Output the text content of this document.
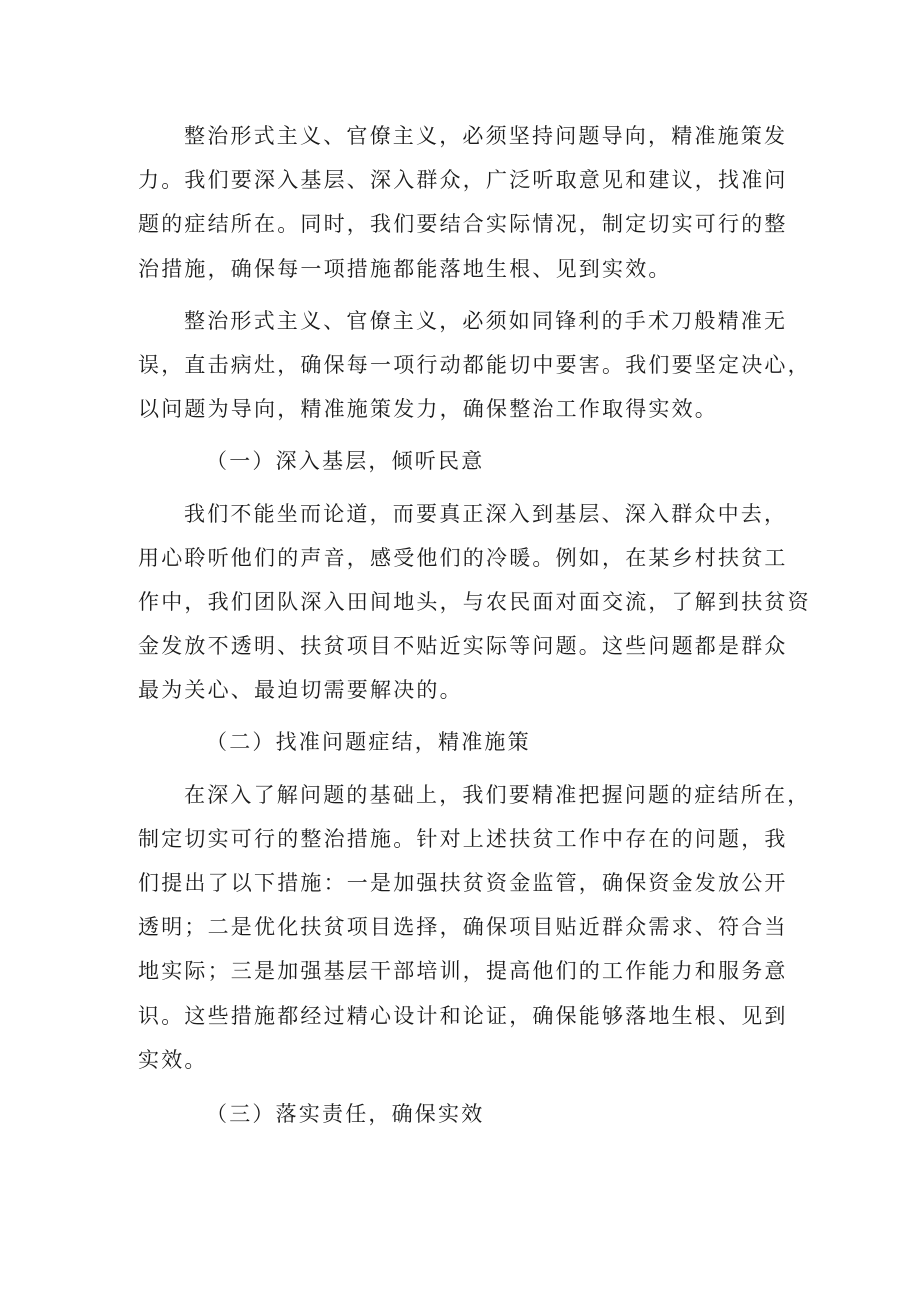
整治形式主义、官僚主义，必须坚持问题导向，精准施策发
力。我们要深入基层、深入群众，广泛听取意见和建议，找准问
题的症结所在。同时，我们要结合实际情况，制定切实可行的整
治措施，确保每一项措施都能落地生根、见到实效。
整治形式主义、官僚主义，必须如同锋利的手术刀般精准无
误，直击病灶，确保每一项行动都能切中要害。我们要坚定决心，
以问题为导向，精准施策发力，确保整治工作取得实效。
（一）深入基层，倾听民意
我们不能坐而论道，而要真正深入到基层、深入群众中去，
用心聆听他们的声音，感受他们的冷暖。例如，在某乡村扶贫工
作中，我们团队深入田间地头，与农民面对面交流，了解到扶贫资
金发放不透明、扶贫项目不贴近实际等问题。这些问题都是群众
最为关心、最迫切需要解决的。
（二）找准问题症结，精准施策
在深入了解问题的基础上，我们要精准把握问题的症结所在，
制定切实可行的整治措施。针对上述扶贫工作中存在的问题，我
们提出了以下措施：一是加强扶贫资金监管，确保资金发放公开
透明；二是优化扶贫项目选择，确保项目贴近群众需求、符合当
地实际；三是加强基层干部培训，提高他们的工作能力和服务意
识。这些措施都经过精心设计和论证，确保能够落地生根、见到
实效。
（三）落实责任，确保实效
